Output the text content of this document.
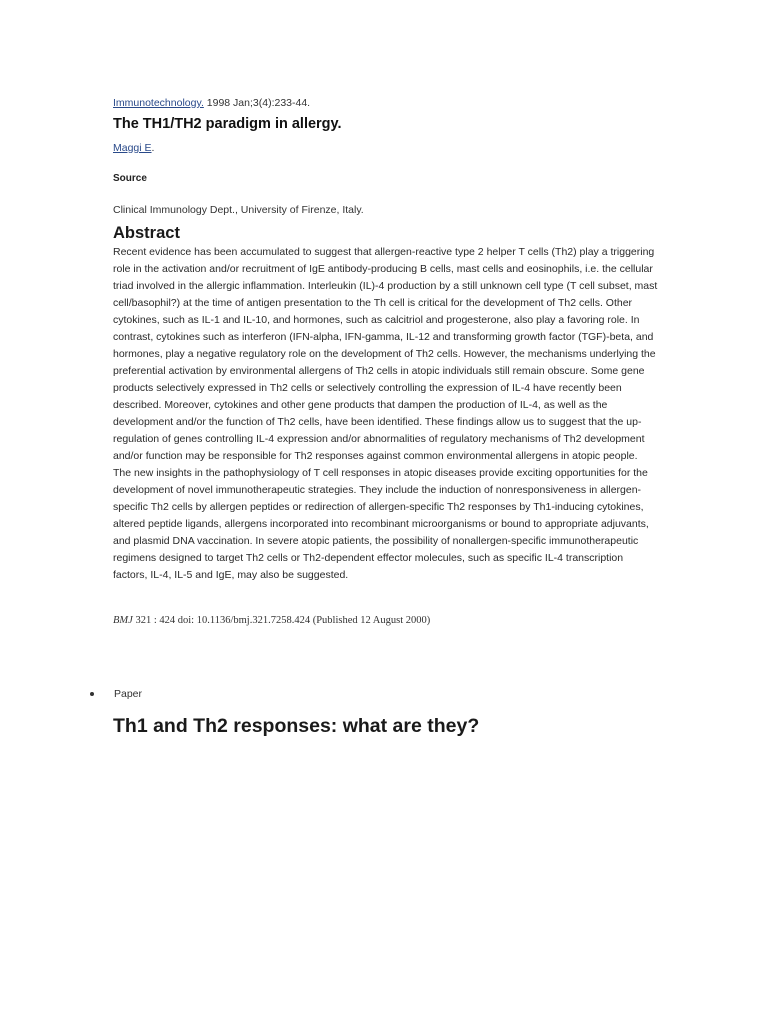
Immunotechnology. 1998 Jan;3(4):233-44.
The TH1/TH2 paradigm in allergy.
Maggi E.
Source
Clinical Immunology Dept., University of Firenze, Italy.
Abstract
Recent evidence has been accumulated to suggest that allergen-reactive type 2 helper T cells (Th2) play a triggering role in the activation and/or recruitment of IgE antibody-producing B cells, mast cells and eosinophils, i.e. the cellular triad involved in the allergic inflammation. Interleukin (IL)-4 production by a still unknown cell type (T cell subset, mast cell/basophil?) at the time of antigen presentation to the Th cell is critical for the development of Th2 cells. Other cytokines, such as IL-1 and IL-10, and hormones, such as calcitriol and progesterone, also play a favoring role. In contrast, cytokines such as interferon (IFN-alpha, IFN-gamma, IL-12 and transforming growth factor (TGF)-beta, and hormones, play a negative regulatory role on the development of Th2 cells. However, the mechanisms underlying the preferential activation by environmental allergens of Th2 cells in atopic individuals still remain obscure. Some gene products selectively expressed in Th2 cells or selectively controlling the expression of IL-4 have recently been described. Moreover, cytokines and other gene products that dampen the production of IL-4, as well as the development and/or the function of Th2 cells, have been identified. These findings allow us to suggest that the up-regulation of genes controlling IL-4 expression and/or abnormalities of regulatory mechanisms of Th2 development and/or function may be responsible for Th2 responses against common environmental allergens in atopic people. The new insights in the pathophysiology of T cell responses in atopic diseases provide exciting opportunities for the development of novel immunotherapeutic strategies. They include the induction of nonresponsiveness in allergen-specific Th2 cells by allergen peptides or redirection of allergen-specific Th2 responses by Th1-inducing cytokines, altered peptide ligands, allergens incorporated into recombinant microorganisms or bound to appropriate adjuvants, and plasmid DNA vaccination. In severe atopic patients, the possibility of nonallergen-specific immunotherapeutic regimens designed to target Th2 cells or Th2-dependent effector molecules, such as specific IL-4 transcription factors, IL-4, IL-5 and IgE, may also be suggested.
BMJ 321 : 424 doi: 10.1136/bmj.321.7258.424 (Published 12 August 2000)
Paper
Th1 and Th2 responses: what are they?
